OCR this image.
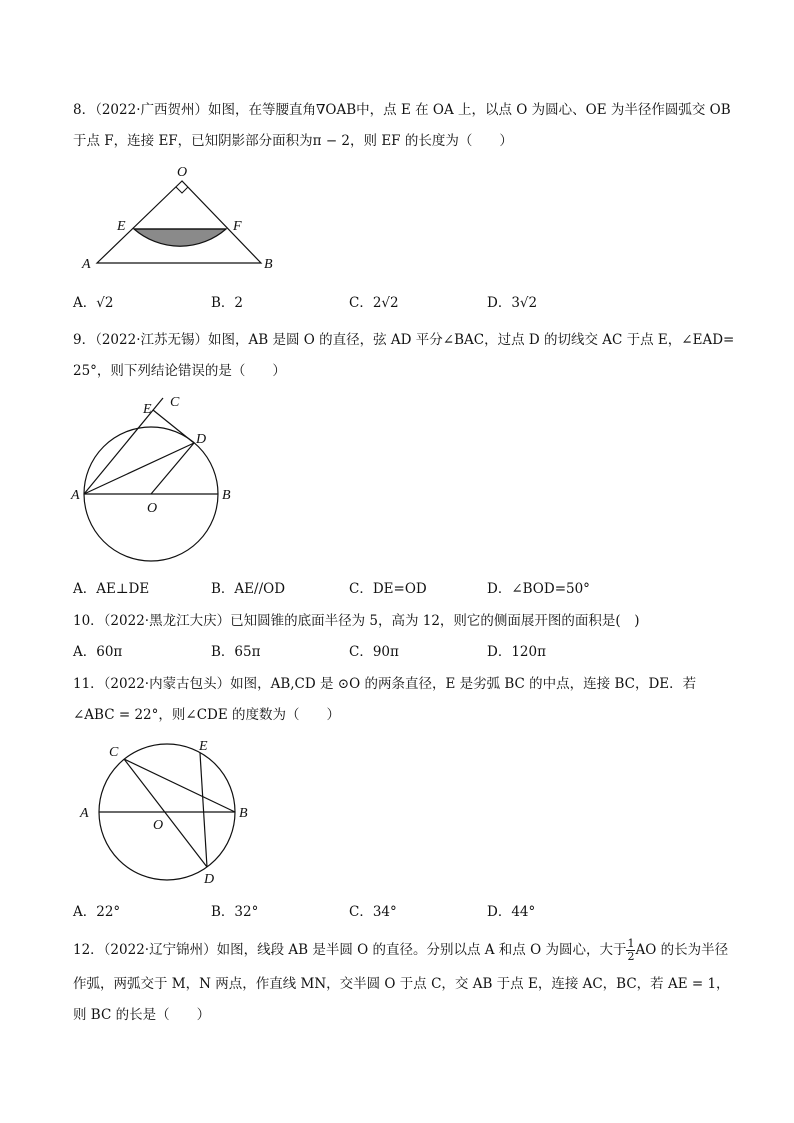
8．（2022·广西贺州）如图，在等腰直角∇OAB中，点 E 在 OA 上，以点 O 为圆心、OE 为半径作圆弧交 OB
于点 F，连接 EF，已知阴影部分面积为π − 2，则 EF 的长度为（　　）
O
E	F
A	B
A．√2	B．2	C．2√2	D．3√2
9．（2022·江苏无锡）如图，AB 是圆 O 的直径，弦 AD 平分∠BAC，过点 D 的切线交 AC 于点 E，∠EAD=
25°，则下列结论错误的是（　　）
E C
D
A
O
B
A．AE⊥DE	B．AE//OD	C．DE=OD	D．∠BOD=50°
10．（2022·黑龙江大庆）已知圆锥的底面半径为 5，高为 12，则它的侧面展开图的面积是(　)
A．60π	B．65π	C．90π	D．120π
11．（2022·内蒙古包头）如图，AB,CD 是 ⊙O 的两条直径，E 是劣弧 BC 的中点，连接 BC，DE．若
∠ABC = 22°，则∠CDE 的度数为（　　）
C	E
A	B
O
D
A．22°	B．32°	C．34°	D．44°
12．（2022·辽宁锦州）如图，线段 AB 是半圆 O 的直径。分别以点 A 和点 O 为圆心，大于 $\frac{1}{2}$ AO 的长为半径
作弧，两弧交于 M，N 两点，作直线 MN，交半圆 O 于点 C，交 AB 于点 E，连接 AC，BC，若 AE = 1，
则 BC 的长是（　　）
